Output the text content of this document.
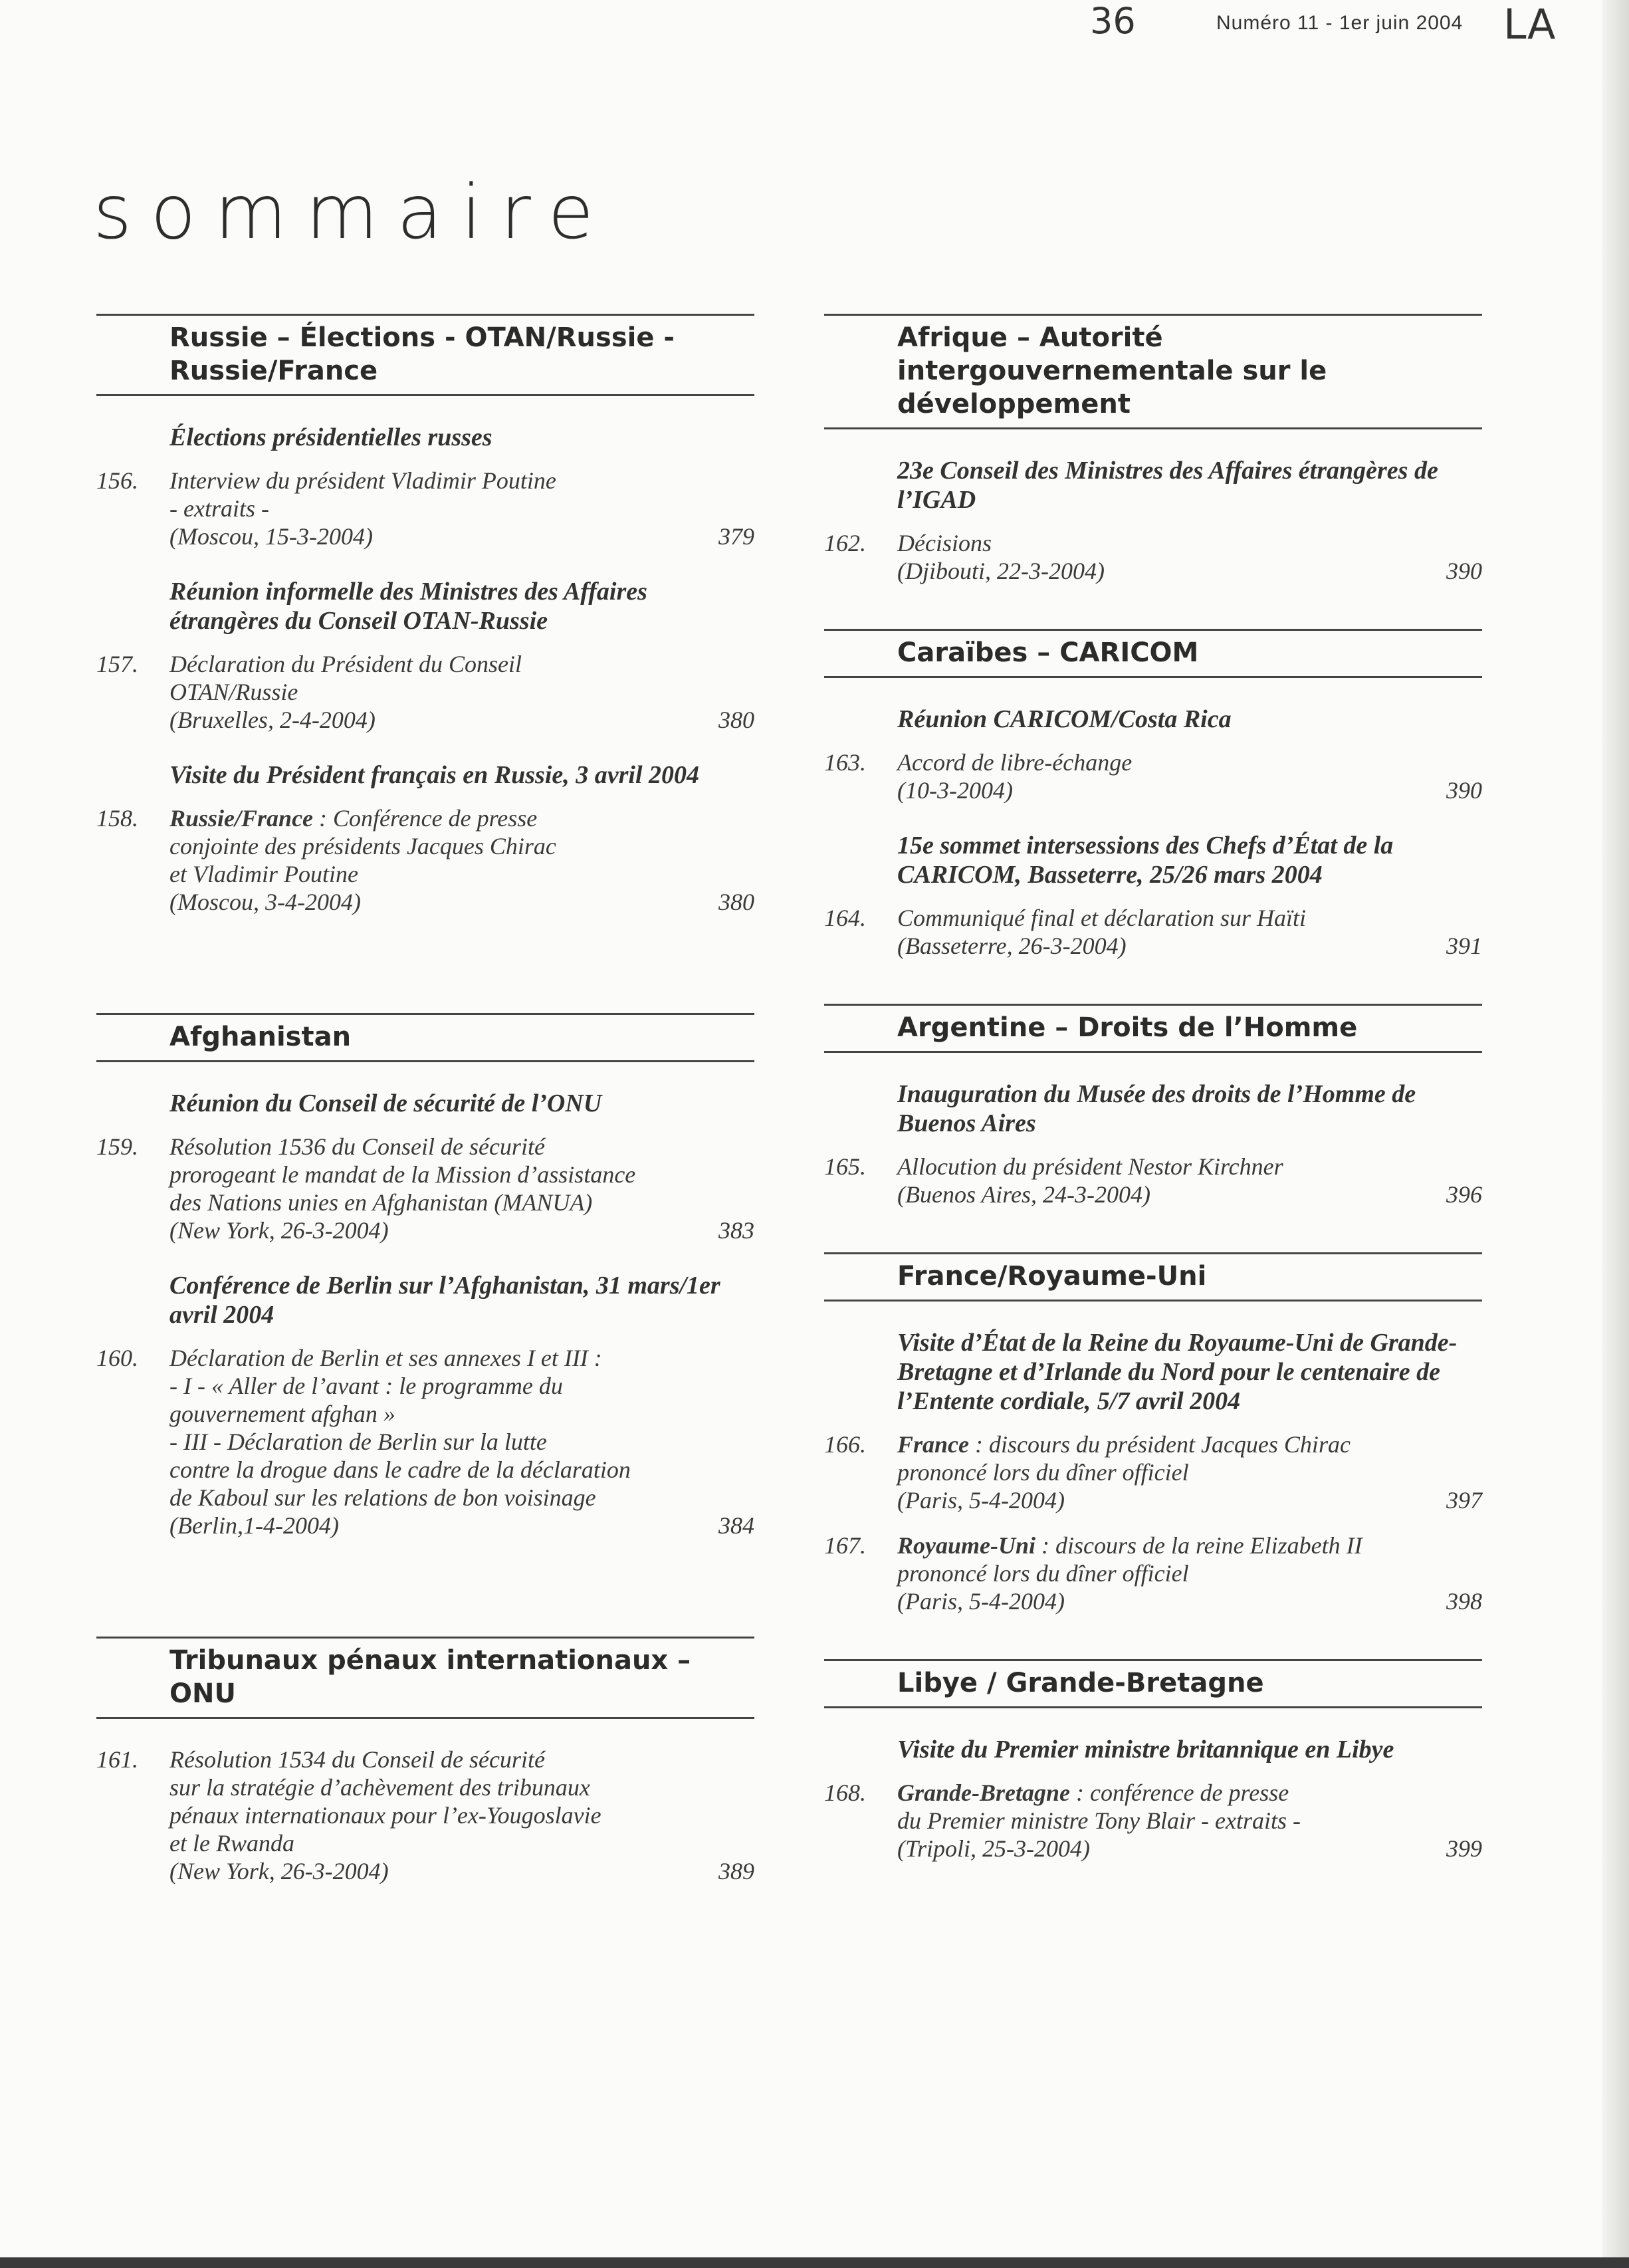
36	LA
Numéro 11 - 1er juin 2004
sommaire
Russie – Élections - OTAN/Russie - Russie/France
Élections présidentielles russes
156. Interview du président Vladimir Poutine
- extraits -
(Moscou, 15-3-2004)	379
Réunion informelle des Ministres des Affaires étrangères du Conseil OTAN-Russie
157. Déclaration du Président du Conseil
OTAN/Russie
(Bruxelles, 2-4-2004)	380
Visite du Président français en Russie, 3 avril 2004
158. Russie/France : Conférence de presse
conjointe des présidents Jacques Chirac
et Vladimir Poutine
(Moscou, 3-4-2004)	380
Afghanistan
Réunion du Conseil de sécurité de l’ONU
159. Résolution 1536 du Conseil de sécurité
prorogeant le mandat de la Mission d’assistance
des Nations unies en Afghanistan (MANUA)
(New York, 26-3-2004)	383
Conférence de Berlin sur l’Afghanistan, 31 mars/1er avril 2004
160. Déclaration de Berlin et ses annexes I et III :
- I - « Aller de l’avant : le programme du
gouvernement afghan »
- III - Déclaration de Berlin sur la lutte
contre la drogue dans le cadre de la déclaration
de Kaboul sur les relations de bon voisinage
(Berlin,1-4-2004)	384
Tribunaux pénaux internationaux – ONU
161. Résolution 1534 du Conseil de sécurité
sur la stratégie d’achèvement des tribunaux
pénaux internationaux pour l’ex-Yougoslavie
et le Rwanda
(New York, 26-3-2004)	389
Afrique – Autorité intergouvernementale sur le développement
23e Conseil des Ministres des Affaires étrangères de l’IGAD
162. Décisions
(Djibouti, 22-3-2004)	390
Caraïbes – CARICOM
Réunion CARICOM/Costa Rica
163. Accord de libre-échange
(10-3-2004)	390
15e sommet intersessions des Chefs d’État de la CARICOM, Basseterre, 25/26 mars 2004
164. Communiqué final et déclaration sur Haïti
(Basseterre, 26-3-2004)	391
Argentine – Droits de l’Homme
Inauguration du Musée des droits de l’Homme de Buenos Aires
165. Allocution du président Nestor Kirchner
(Buenos Aires, 24-3-2004)	396
France/Royaume-Uni
Visite d’État de la Reine du Royaume-Uni de Grande-Bretagne et d’Irlande du Nord pour le centenaire de l’Entente cordiale, 5/7 avril 2004
166. France : discours du président Jacques Chirac
prononcé lors du dîner officiel
(Paris, 5-4-2004)	397
167. Royaume-Uni : discours de la reine Elizabeth II
prononcé lors du dîner officiel
(Paris, 5-4-2004)	398
Libye / Grande-Bretagne
Visite du Premier ministre britannique en Libye
168. Grande-Bretagne : conférence de presse
du Premier ministre Tony Blair - extraits -
(Tripoli, 25-3-2004)	399
